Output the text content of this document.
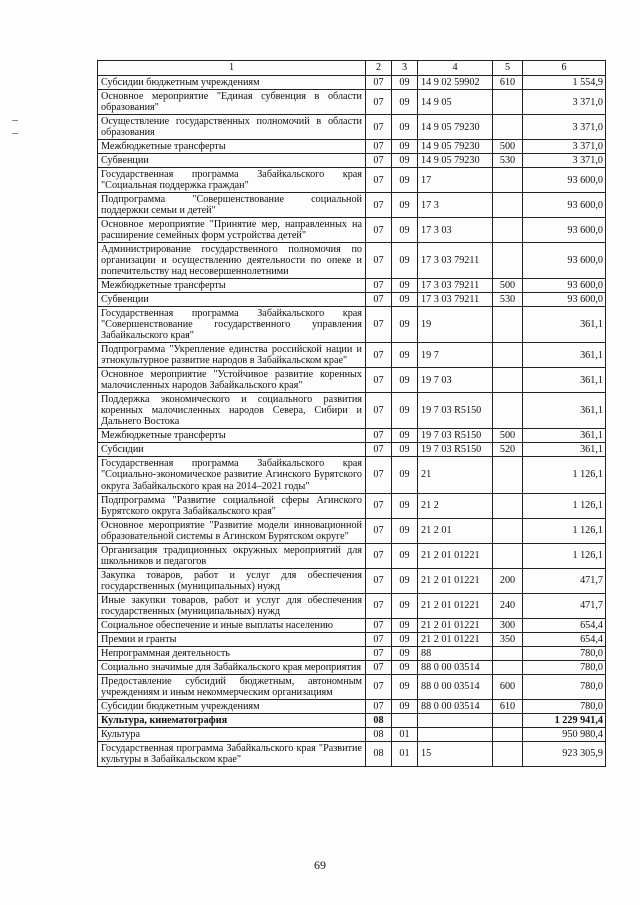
1	2	3	4	5	6
Субсидии бюджетным учреждениям	07	09	14 9 02 59902	610	1 554,9
Основное мероприятие "Единая субвенция в области образования"	07	09	14 9 05		3 371,0
Осуществление государственных полномочий в области образования	07	09	14 9 05 79230		3 371,0
Межбюджетные трансферты	07	09	14 9 05 79230	500	3 371,0
Субвенции	07	09	14 9 05 79230	530	3 371,0
Государственная программа Забайкальского края "Социальная поддержка граждан"	07	09	17		93 600,0
Подпрограмма "Совершенствование социальной поддержки семьи и детей"	07	09	17 3		93 600,0
Основное мероприятие "Принятие мер, направленных на расширение семейных форм устройства детей"	07	09	17 3 03		93 600,0
Администрирование государственного полномочия по организации и осуществлению деятельности по опеке и попечительству над несовершеннолетними	07	09	17 3 03 79211		93 600,0
Межбюджетные трансферты	07	09	17 3 03 79211	500	93 600,0
Субвенции	07	09	17 3 03 79211	530	93 600,0
Государственная программа Забайкальского края "Совершенствование государственного управления Забайкальского края"	07	09	19		361,1
Подпрограмма "Укрепление единства российской нации и этнокультурное развитие народов в Забайкальском крае"	07	09	19 7		361,1
Основное мероприятие "Устойчивое развитие коренных малочисленных народов Забайкальского края"	07	09	19 7 03		361,1
Поддержка экономического и социального развития коренных малочисленных народов Севера, Сибири и Дальнего Востока	07	09	19 7 03 R5150		361,1
Межбюджетные трансферты	07	09	19 7 03 R5150	500	361,1
Субсидии	07	09	19 7 03 R5150	520	361,1
Государственная программа Забайкальского края "Социально-экономическое развитие Агинского Бурятского округа Забайкальского края на 2014–2021 годы"	07	09	21		1 126,1
Подпрограмма "Развитие социальной сферы Агинского Бурятского округа Забайкальского края"	07	09	21 2		1 126,1
Основное мероприятие "Развитие модели инновационной образовательной системы в Агинском Бурятском округе"	07	09	21 2 01		1 126,1
Организация традиционных окружных мероприятий для школьников и педагогов	07	09	21 2 01 01221		1 126,1
Закупка товаров, работ и услуг для обеспечения государственных (муниципальных) нужд	07	09	21 2 01 01221	200	471,7
Иные закупки товаров, работ и услуг для обеспечения государственных (муниципальных) нужд	07	09	21 2 01 01221	240	471,7
Социальное обеспечение и иные выплаты населению	07	09	21 2 01 01221	300	654,4
Премии и гранты	07	09	21 2 01 01221	350	654,4
Непрограммная деятельность	07	09	88		780,0
Социально значимые для Забайкальского края мероприятия	07	09	88 0 00 03514		780,0
Предоставление субсидий бюджетным, автономным учреждениям и иным некоммерческим организациям	07	09	88 0 00 03514	600	780,0
Субсидии бюджетным учреждениям	07	09	88 0 00 03514	610	780,0
Культура, кинематография	08				1 229 941,4
Культура	08	01			950 980,4
Государственная программа Забайкальского края "Развитие культуры в Забайкальском крае"	08	01	15		923 305,9
69
